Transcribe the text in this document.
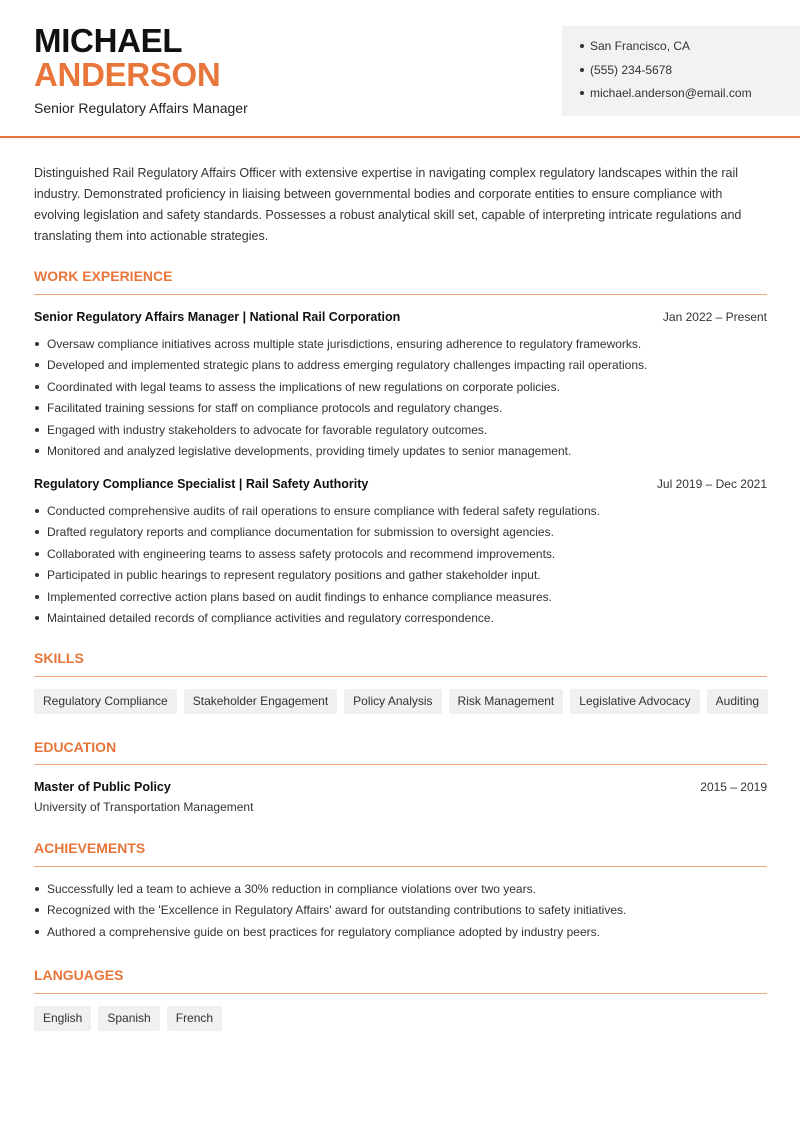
MICHAEL
ANDERSON
Senior Regulatory Affairs Manager
San Francisco, CA
(555) 234-5678
michael.anderson@email.com

Distinguished Rail Regulatory Affairs Officer with extensive expertise in navigating complex regulatory landscapes within the rail industry. Demonstrated proficiency in liaising between governmental bodies and corporate entities to ensure compliance with evolving legislation and safety standards. Possesses a robust analytical skill set, capable of interpreting intricate regulations and translating them into actionable strategies.

WORK EXPERIENCE
Senior Regulatory Affairs Manager | National Rail Corporation	Jan 2022 – Present
Oversaw compliance initiatives across multiple state jurisdictions, ensuring adherence to regulatory frameworks.
Developed and implemented strategic plans to address emerging regulatory challenges impacting rail operations.
Coordinated with legal teams to assess the implications of new regulations on corporate policies.
Facilitated training sessions for staff on compliance protocols and regulatory changes.
Engaged with industry stakeholders to advocate for favorable regulatory outcomes.
Monitored and analyzed legislative developments, providing timely updates to senior management.
Regulatory Compliance Specialist | Rail Safety Authority	Jul 2019 – Dec 2021
Conducted comprehensive audits of rail operations to ensure compliance with federal safety regulations.
Drafted regulatory reports and compliance documentation for submission to oversight agencies.
Collaborated with engineering teams to assess safety protocols and recommend improvements.
Participated in public hearings to represent regulatory positions and gather stakeholder input.
Implemented corrective action plans based on audit findings to enhance compliance measures.
Maintained detailed records of compliance activities and regulatory correspondence.
SKILLS
Regulatory Compliance	Stakeholder Engagement	Policy Analysis	Risk Management	Legislative Advocacy	Auditing
EDUCATION
Master of Public Policy	2015 – 2019
University of Transportation Management
ACHIEVEMENTS
Successfully led a team to achieve a 30% reduction in compliance violations over two years.
Recognized with the 'Excellence in Regulatory Affairs' award for outstanding contributions to safety initiatives.
Authored a comprehensive guide on best practices for regulatory compliance adopted by industry peers.
LANGUAGES
English	Spanish	French
